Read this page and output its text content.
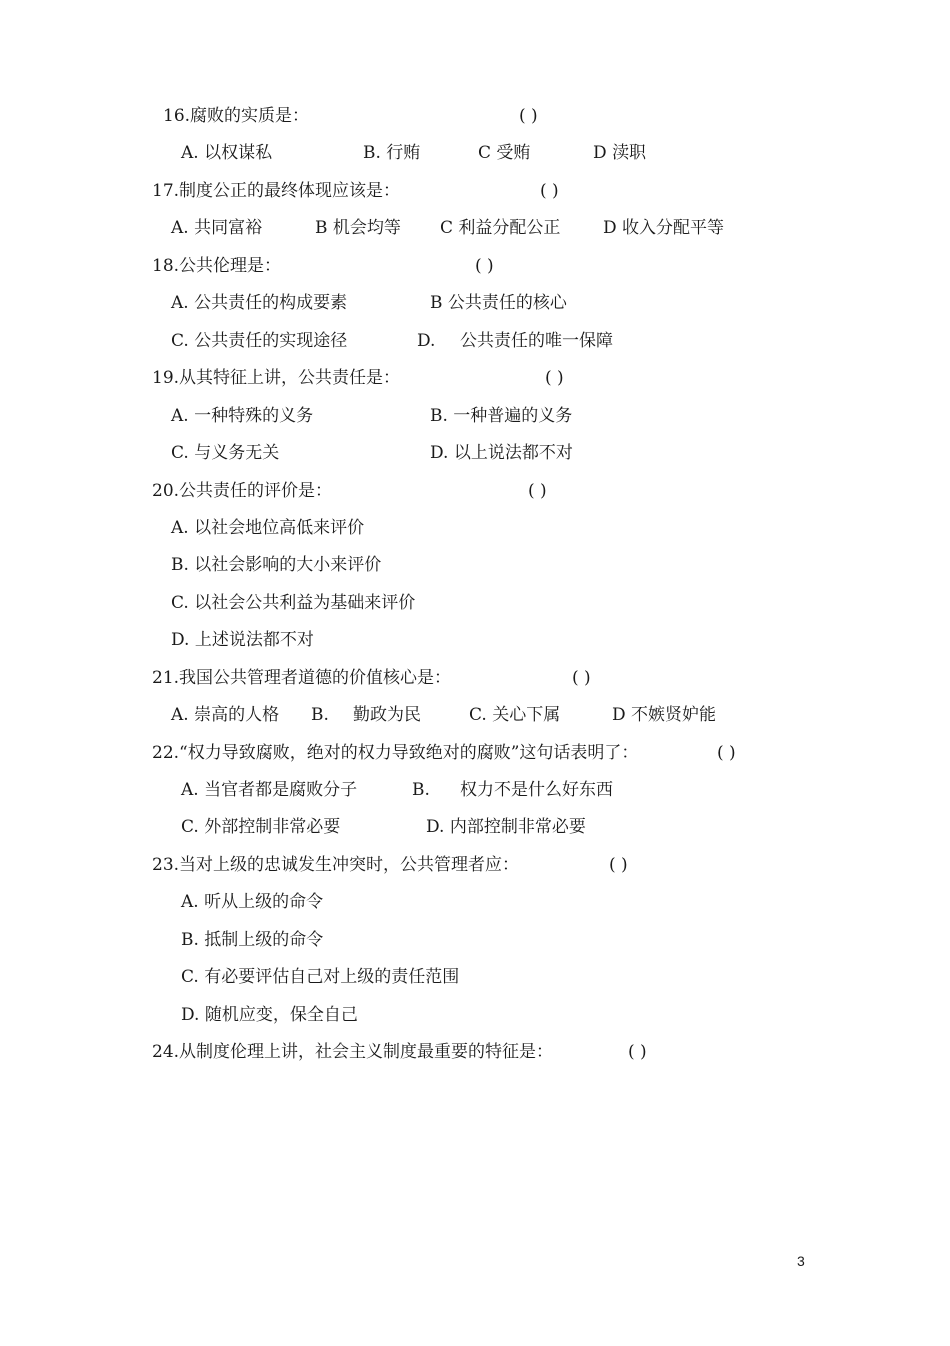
16.腐败的实质是：	( )
A. 以权谋私	B. 行贿	C 受贿	D 渎职
17.制度公正的最终体现应该是：	( )
A. 共同富裕	B 机会均等 C 利益分配公正	D 收入分配平等
18.公共伦理是：	( )
A. 公共责任的构成要素	B 公共责任的核心
C. 公共责任的实现途径	D. 公共责任的唯一保障
19.从其特征上讲，公共责任是：	( )
A. 一种特殊的义务	B. 一种普遍的义务
C. 与义务无关	D. 以上说法都不对
20.公共责任的评价是：	( )
A. 以社会地位高低来评价
B. 以社会影响的大小来评价
C. 以社会公共利益为基础来评价
D. 上述说法都不对
21.我国公共管理者道德的价值核心是：	( )
A. 崇高的人格 B. 勤政为民	C. 关心下属	D 不嫉贤妒能
22.“权力导致腐败，绝对的权力导致绝对的腐败”这句话表明了：	( )
A. 当官者都是腐败分子	B. 权力不是什么好东西
C. 外部控制非常必要	D. 内部控制非常必要
23.当对上级的忠诚发生冲突时，公共管理者应：	( )
A. 听从上级的命令
B. 抵制上级的命令
C. 有必要评估自己对上级的责任范围
D. 随机应变，保全自己
24.从制度伦理上讲，社会主义制度最重要的特征是：	( )
3
